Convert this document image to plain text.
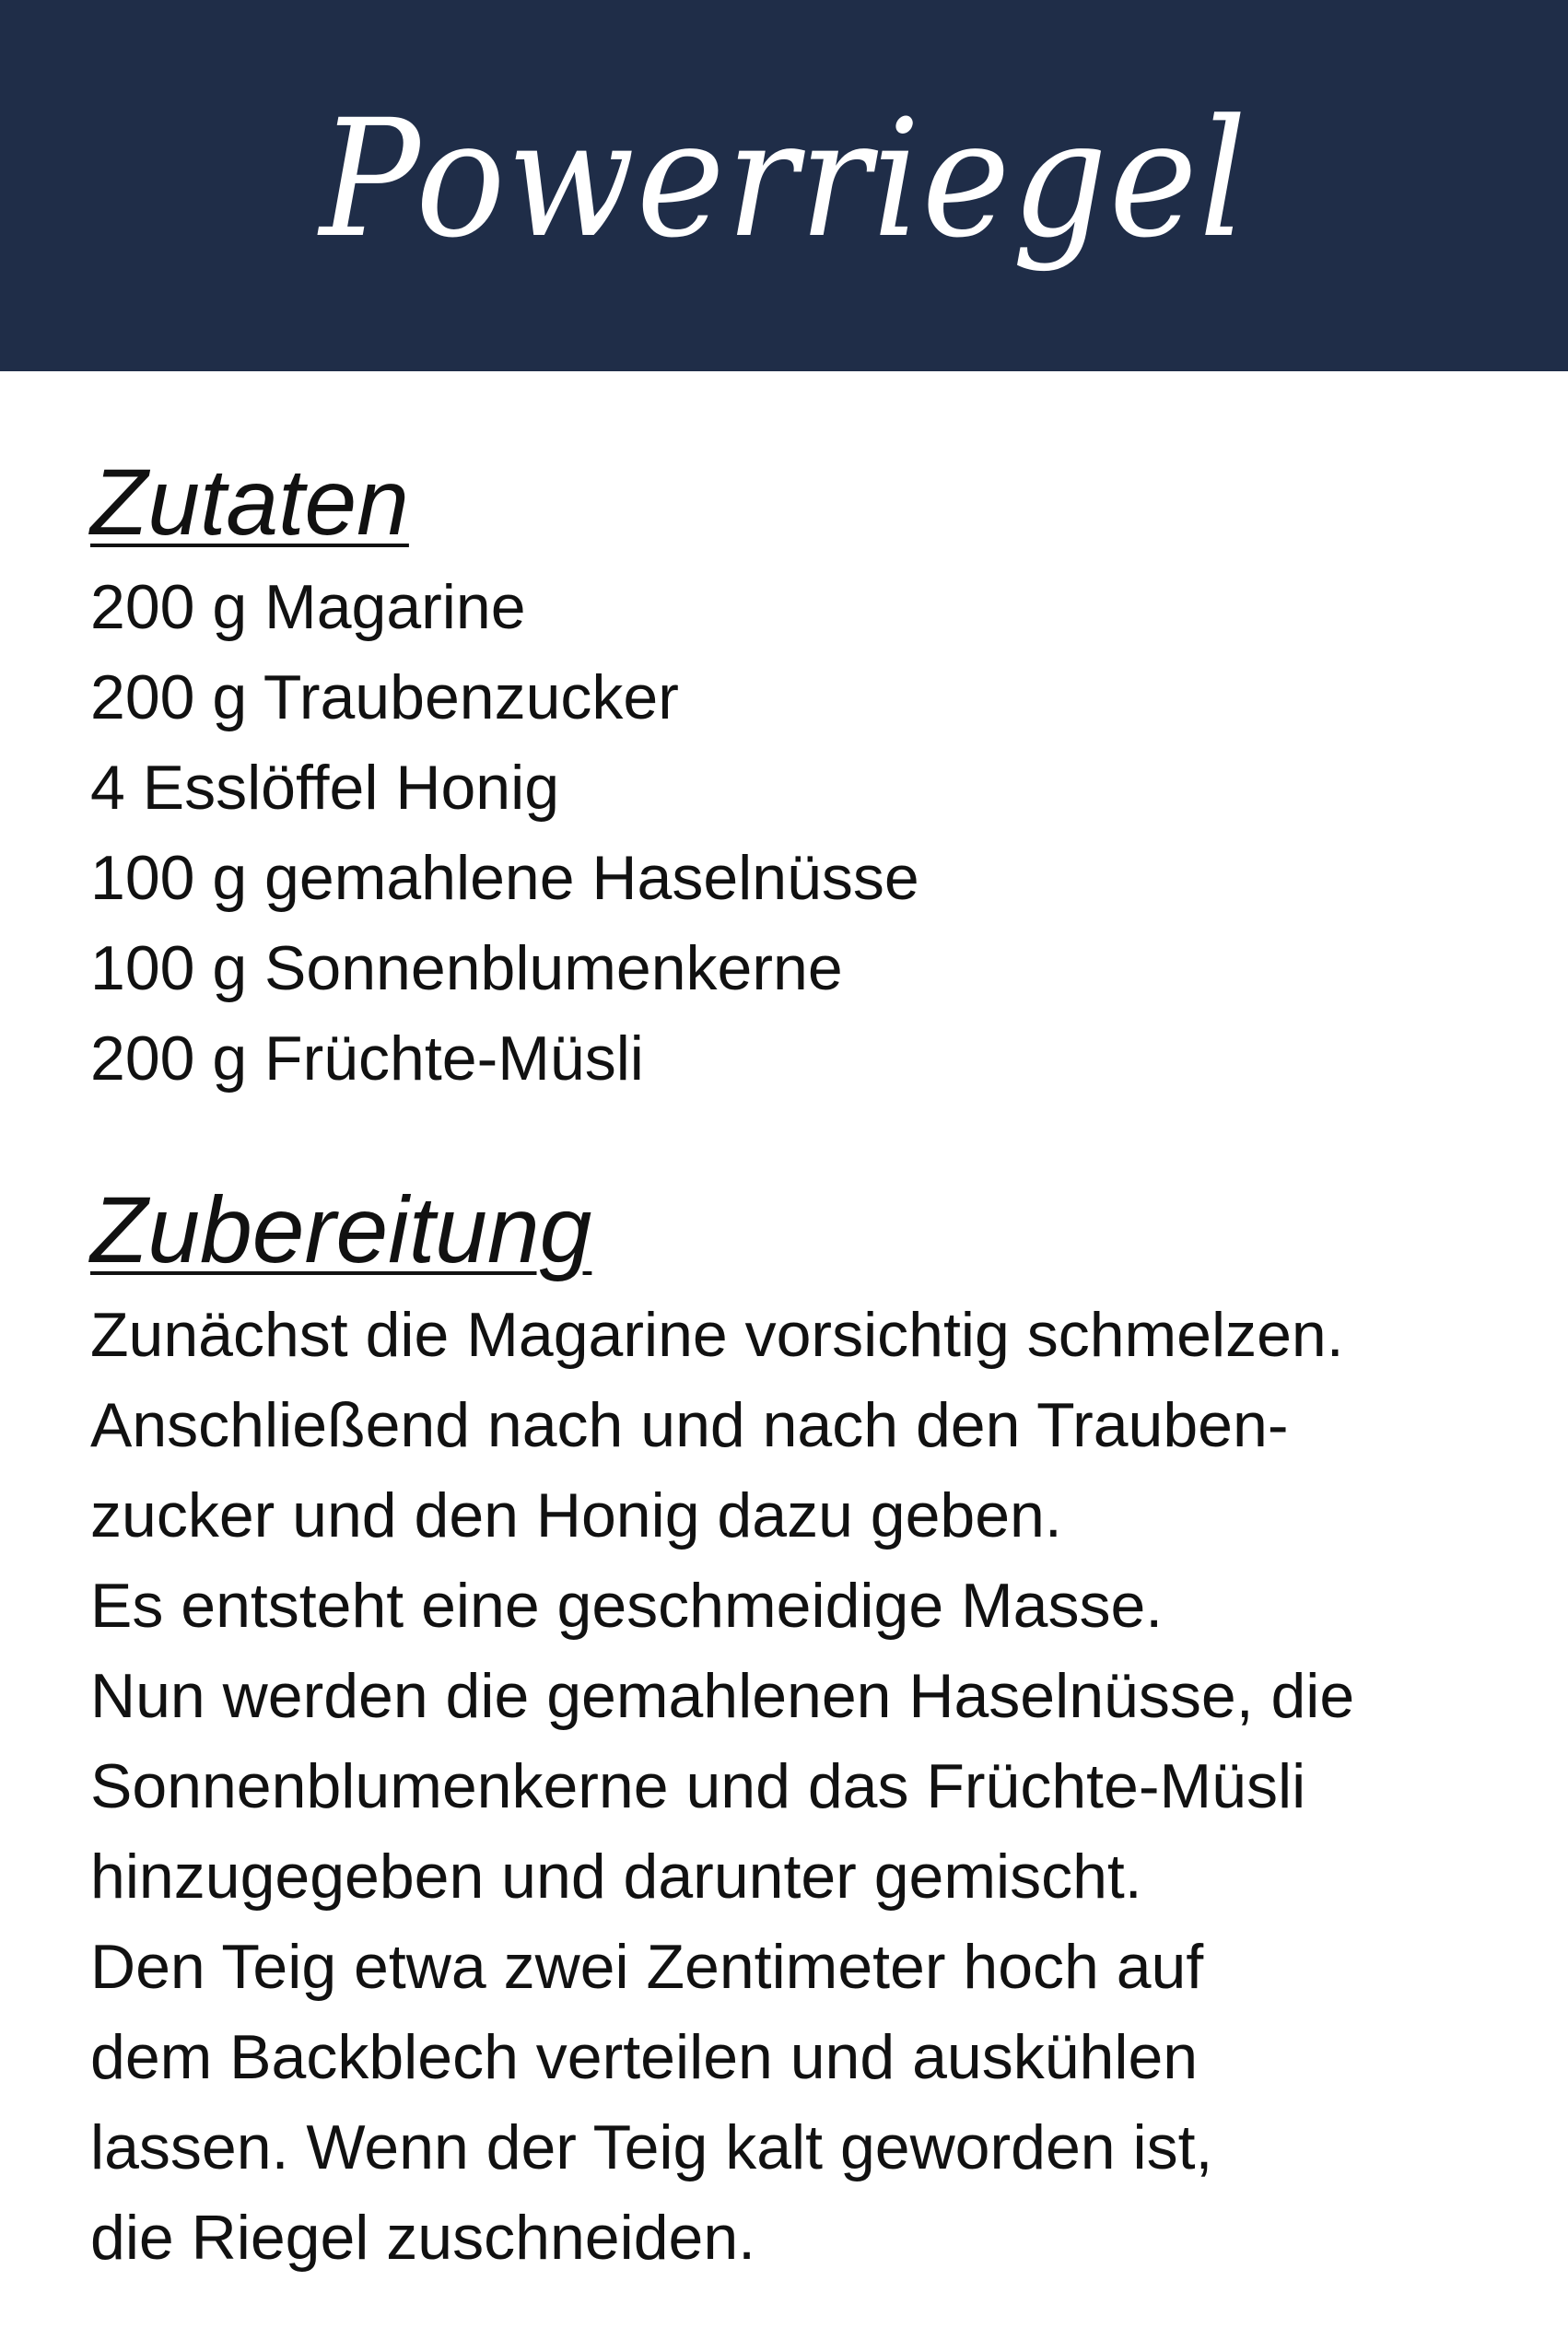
Powerriegel
Zutaten
200 g Magarine
200 g Traubenzucker
4 Esslöffel Honig
100 g gemahlene Haselnüsse
100 g Sonnenblumenkerne
200 g Früchte-Müsli
Zubereitung

Zunächst die Magarine vorsichtig schmelzen.

Anschließend nach und nach den Trauben-

zucker und den Honig dazu geben.

Es entsteht eine geschmeidige Masse.

Nun werden die gemahlenen Haselnüsse, die

Sonnenblumenkerne und das Früchte-Müsli

hinzugegeben und darunter gemischt.

Den Teig etwa zwei Zentimeter hoch auf

dem Backblech verteilen und auskühlen

lassen. Wenn der Teig kalt geworden ist,

die Riegel zuschneiden.
